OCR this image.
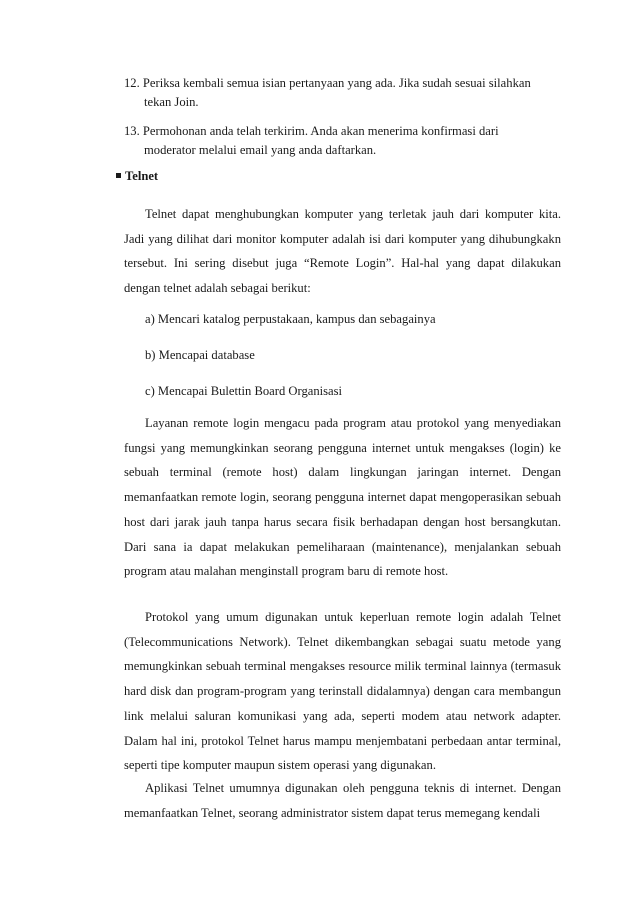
12. Periksa kembali semua isian pertanyaan yang ada. Jika sudah sesuai silahkan
tekan Join.
13. Permohonan anda telah terkirim. Anda akan menerima konfirmasi dari
moderator melalui email yang anda daftarkan.
Telnet

Telnet dapat menghubungkan komputer yang terletak jauh dari komputer kita. Jadi yang dilihat dari monitor komputer adalah isi dari komputer yang dihubungkakn tersebut. Ini sering disebut juga “Remote Login”. Hal-hal yang dapat dilakukan dengan telnet adalah sebagai berikut:

a) Mencari katalog perpustakaan, kampus dan sebagainya
b) Mencapai database
c) Mencapai Bulettin Board Organisasi

Layanan remote login mengacu pada program atau protokol yang menyediakan fungsi yang memungkinkan seorang pengguna internet untuk mengakses (login) ke sebuah terminal (remote host) dalam lingkungan jaringan internet. Dengan memanfaatkan remote login, seorang pengguna internet dapat mengoperasikan sebuah host dari jarak jauh tanpa harus secara fisik berhadapan dengan host bersangkutan. Dari sana ia dapat melakukan pemeliharaan (maintenance), menjalankan sebuah program atau malahan menginstall program baru di remote host.

Protokol yang umum digunakan untuk keperluan remote login adalah Telnet (Telecommunications Network). Telnet dikembangkan sebagai suatu metode yang memungkinkan sebuah terminal mengakses resource milik terminal lainnya (termasuk hard disk dan program-program yang terinstall didalamnya) dengan cara membangun link melalui saluran komunikasi yang ada, seperti modem atau network adapter. Dalam hal ini, protokol Telnet harus mampu menjembatani perbedaan antar terminal, seperti tipe komputer maupun sistem operasi yang digunakan.

Aplikasi Telnet umumnya digunakan oleh pengguna teknis di internet. Dengan memanfaatkan Telnet, seorang administrator sistem dapat terus memegang kendali
